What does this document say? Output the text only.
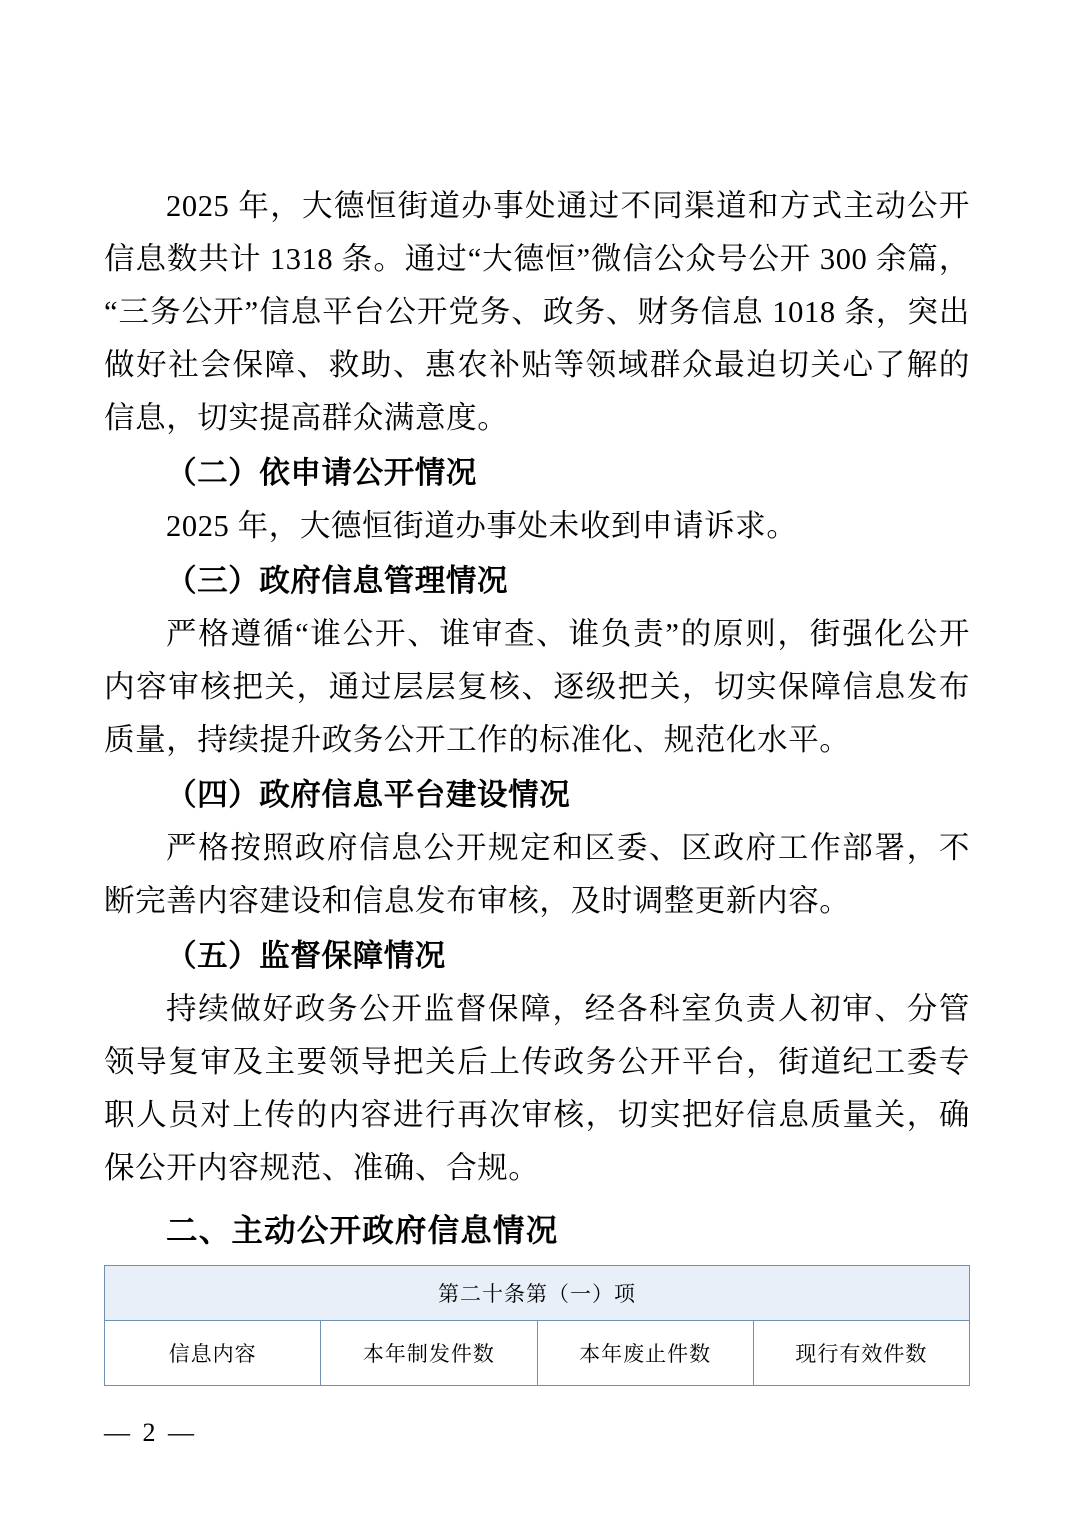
2025 年，大德恒街道办事处通过不同渠道和方式主动公开信息数共计 1318 条。通过“大德恒”微信公众号公开 300 余篇，“三务公开”信息平台公开党务、政务、财务信息 1018 条，突出做好社会保障、救助、惠农补贴等领域群众最迫切关心了解的信息，切实提高群众满意度。

（二）依申请公开情况

2025 年，大德恒街道办事处未收到申请诉求。

（三）政府信息管理情况

严格遵循“谁公开、谁审查、谁负责”的原则，街强化公开内容审核把关，通过层层复核、逐级把关，切实保障信息发布质量，持续提升政务公开工作的标准化、规范化水平。

（四）政府信息平台建设情况

严格按照政府信息公开规定和区委、区政府工作部署，不断完善内容建设和信息发布审核，及时调整更新内容。

（五）监督保障情况

持续做好政务公开监督保障，经各科室负责人初审、分管领导复审及主要领导把关后上传政务公开平台，街道纪工委专职人员对上传的内容进行再次审核，切实把好信息质量关，确保公开内容规范、准确、合规。

二、主动公开政府信息情况

第二十条第（一）项
信息内容	本年制发件数	本年废止件数	现行有效件数
— 2 —
